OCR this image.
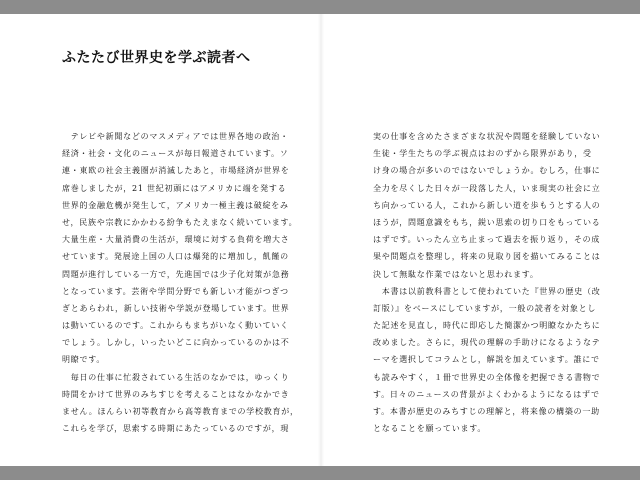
ふたたび世界史を学ぶ読者へ
　テレビや新聞などのマスメディアでは世界各地の政治・
経済・社会・文化のニュースが毎日報道されています。ソ
連・東欧の社会主義圏が消滅したあと，市場経済が世界を
席巻しましたが，21 世紀初頭にはアメリカに端を発する
世界的金融危機が発生して，アメリカ一極主義は破綻をみ
せ，民族や宗教にかかわる紛争もたえまなく続いています。
大量生産・大量消費の生活が，環境に対する負荷を増大さ
せています。発展途上国の人口は爆発的に増加し，飢饉の
問題が進行している一方で，先進国では少子化対策が急務
となっています。芸術や学問分野でも新しい才能がつぎつ
ぎとあらわれ，新しい技術や学説が登場しています。世界
は動いているのです。これからもまちがいなく動いていく
でしょう。しかし，いったいどこに向かっているのかは不
明瞭です。
　毎日の仕事に忙殺されている生活のなかでは，ゆっくり
時間をかけて世界のみちすじを考えることはなかなかでき
ません。ほんらい初等教育から高等教育までの学校教育が，
これらを学び，思索する時期にあたっているのですが，現
実の仕事を含めたさまざまな状況や問題を経験していない
生徒・学生たちの学ぶ視点はおのずから限界があり，受
け身の場合が多いのではないでしょうか。むしろ，仕事に
全力を尽くした日々が一段落した人，いま現実の社会に立
ち向かっている人，これから新しい道を歩もうとする人の
ほうが，問題意識をもち，鋭い思索の切り口をもっている
はずです。いったん立ち止まって過去を振り返り，その成
果や問題点を整理し，将来の見取り図を描いてみることは
決して無駄な作業ではないと思われます。
　本書は以前教科書として使われていた『世界の歴史（改
訂版）』をベースにしていますが，一般の読者を対象とし
た記述を見直し，時代に即応した簡潔かつ明瞭なかたちに
改めました。さらに，現代の理解の手助けになるようなテ
ーマを選択してコラムとし，解説を加えています。誰にで
も読みやすく，１冊で世界史の全体像を把握できる書物で
す。日々のニュースの背景がよくわかるようになるはずで
す。本書が歴史のみちすじの理解と，将来像の構築の一助
となることを願っています。
